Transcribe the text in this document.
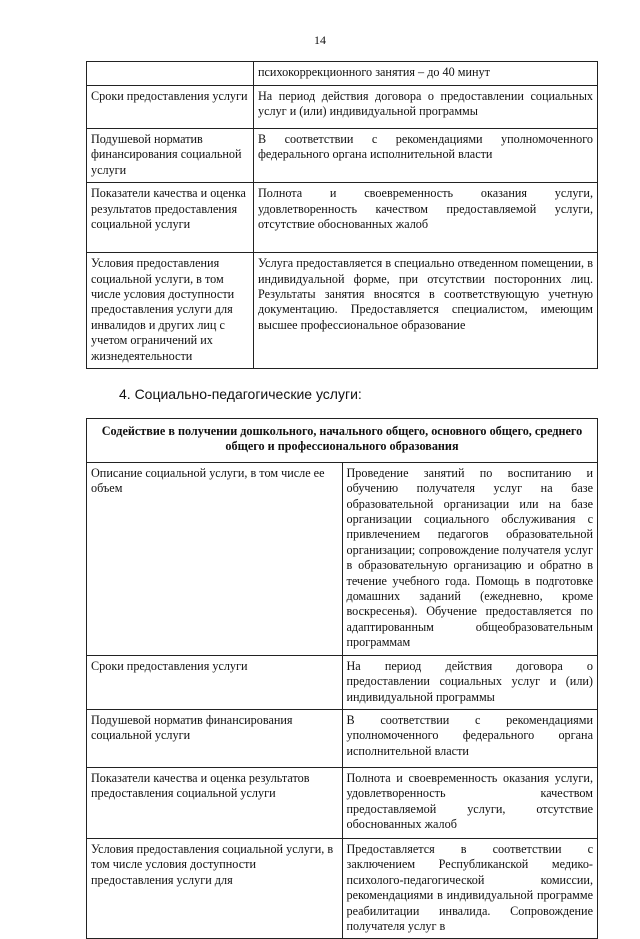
14
	психокоррекционного занятия – до 40 минут
Сроки предоставления услуги	На период действия договора о предоставлении социальных услуг и (или) индивидуальной программы
Подушевой норматив финансирования социальной услуги	В соответствии с рекомендациями уполномоченного федерального органа исполнительной власти
Показатели качества и оценка результатов предоставления социальной услуги	Полнота и своевременность оказания услуги, удовлетворенность качеством предоставляемой услуги, отсутствие обоснованных жалоб
Условия предоставления социальной услуги, в том числе условия доступности предоставления услуги для инвалидов и других лиц с учетом ограничений их жизнедеятельности	Услуга предоставляется в специально отведенном помещении, в индивидуальной форме, при отсутствии посторонних лиц. Результаты занятия вносятся в соответствующую учетную документацию. Предоставляется специалистом, имеющим высшее профессиональное образование
4. Социально-педагогические услуги:
Содействие в получении дошкольного, начального общего, основного общего, среднего общего и профессионального образования	
Описание социальной услуги, в том числе ее объем	Проведение занятий по воспитанию и обучению получателя услуг на базе образовательной организации или на базе организации социального обслуживания с привлечением педагогов образовательной организации; сопровождение получателя услуг в образовательную организацию и обратно в течение учебного года. Помощь в подготовке домашних заданий (ежедневно, кроме воскресенья). Обучение предоставляется по адаптированным общеобразовательным программам
Сроки предоставления услуги	На период действия договора о предоставлении социальных услуг и (или) индивидуальной программы
Подушевой норматив финансирования социальной услуги	В соответствии с рекомендациями уполномоченного федерального органа исполнительной власти
Показатели качества и оценка результатов предоставления социальной услуги	Полнота и своевременность оказания услуги, удовлетворенность качеством предоставляемой услуги, отсутствие обоснованных жалоб
Условия предоставления социальной услуги, в том числе условия доступности предоставления услуги для	Предоставляется в соответствии с заключением Республиканской медико-психолого-педагогической комиссии, рекомендациями в индивидуальной программе реабилитации инвалида. Сопровождение получателя услуг в
